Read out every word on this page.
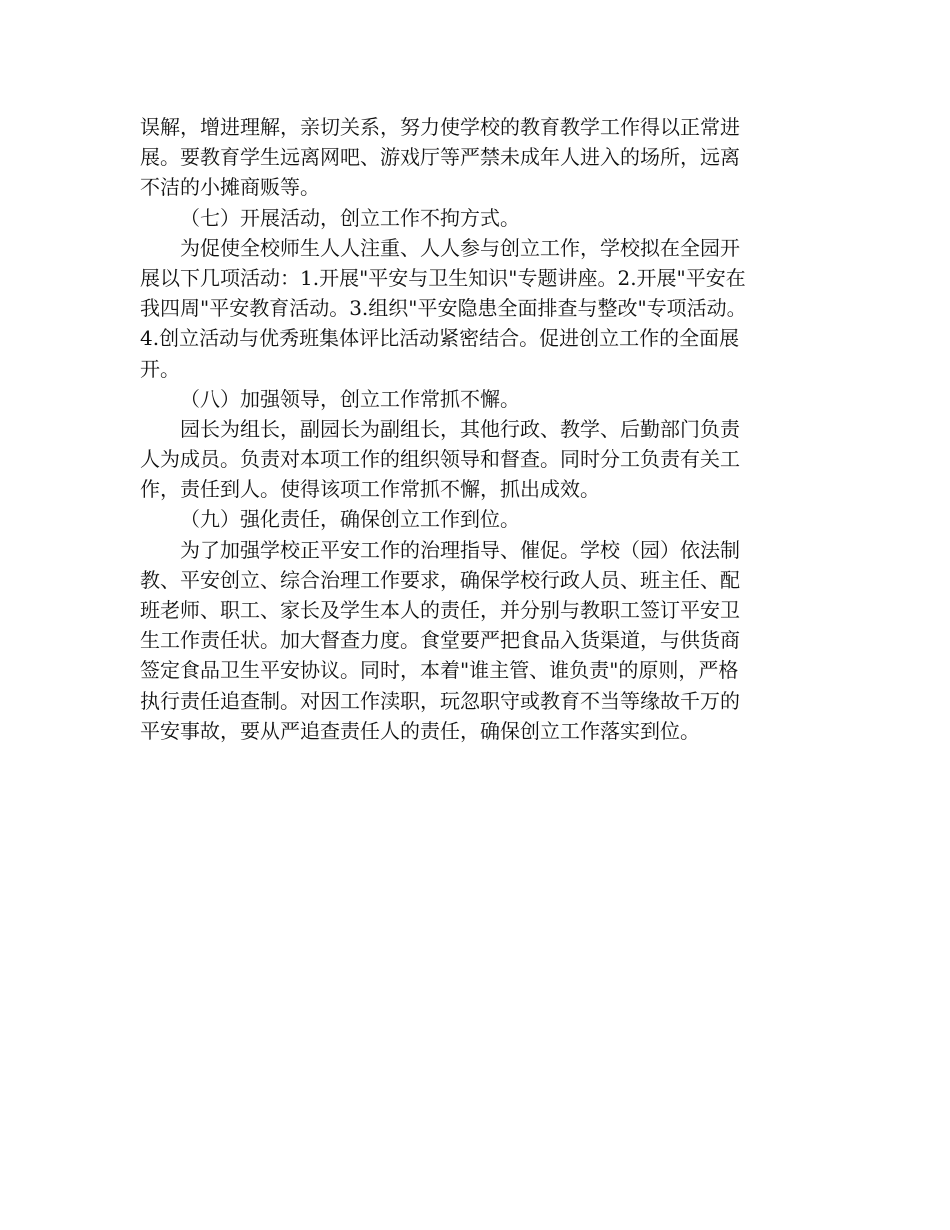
误解，增进理解，亲切关系，努力使学校的教育教学工作得以正常进
展。要教育学生远离网吧、游戏厅等严禁未成年人进入的场所，远离
不洁的小摊商贩等。
（七）开展活动，创立工作不拘方式。
为促使全校师生人人注重、人人参与创立工作，学校拟在全园开
展以下几项活动：1.开展"平安与卫生知识"专题讲座。2.开展"平安在
我四周"平安教育活动。3.组织"平安隐患全面排查与整改"专项活动。
4.创立活动与优秀班集体评比活动紧密结合。促进创立工作的全面展
开。
（八）加强领导，创立工作常抓不懈。
园长为组长，副园长为副组长，其他行政、教学、后勤部门负责
人为成员。负责对本项工作的组织领导和督查。同时分工负责有关工
作，责任到人。使得该项工作常抓不懈，抓出成效。
（九）强化责任，确保创立工作到位。
为了加强学校正平安工作的治理指导、催促。学校（园）依法制
教、平安创立、综合治理工作要求，确保学校行政人员、班主任、配
班老师、职工、家长及学生本人的责任，并分别与教职工签订平安卫
生工作责任状。加大督查力度。食堂要严把食品入货渠道，与供货商
签定食品卫生平安协议。同时，本着"谁主管、谁负责"的原则，严格
执行责任追查制。对因工作渎职，玩忽职守或教育不当等缘故千万的
平安事故，要从严追查责任人的责任，确保创立工作落实到位。
